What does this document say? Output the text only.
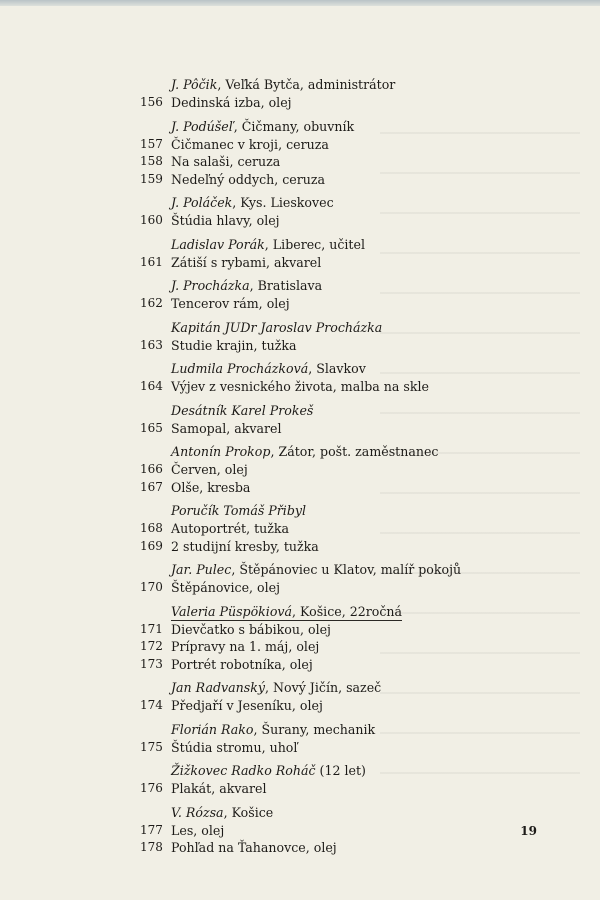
J. Pôčik, Veľká Bytča, administrátor
156 Dedinská izba, olej
J. Podúšeľ, Čičmany, obuvník
157 Čičmanec v kroji, ceruza
158 Na salaši, ceruza
159 Nedeľný oddych, ceruza
J. Poláček, Kys. Lieskovec
160 Štúdia hlavy, olej
Ladislav Porák, Liberec, učitel
161 Zátiší s rybami, akvarel
J. Procházka, Bratislava
162 Tencerov rám, olej
Kapitán JUDr Jaroslav Procházka
163 Studie krajin, tužka
Ludmila Procházková, Slavkov
164 Výjev z vesnického života, malba na skle
Desátník Karel Prokeš
165 Samopal, akvarel
Antonín Prokop, Zátor, pošt. zaměstnanec
166 Červen, olej
167 Olše, kresba
Poručík Tomáš Přibyl
168 Autoportrét, tužka
169 2 studijní kresby, tužka
Jar. Pulec, Štěpánoviec u Klatov, malíř pokojů
170 Štěpánovice, olej
Valeria Püspökiová, Košice, 22ročná
171 Dievčatko s bábikou, olej
172 Prípravy na 1. máj, olej
173 Portrét robotníka, olej
Jan Radvanský, Nový Jičín, sazeč
174 Předjaří v Jeseníku, olej
Florián Rako, Šurany, mechanik
175 Štúdia stromu, uhoľ
Žižkovec Radko Roháč (12 let)
176 Plakát, akvarel
V. Rózsa, Košice
177 Les, olej
178 Pohľad na Ťahanovce, olej
19
